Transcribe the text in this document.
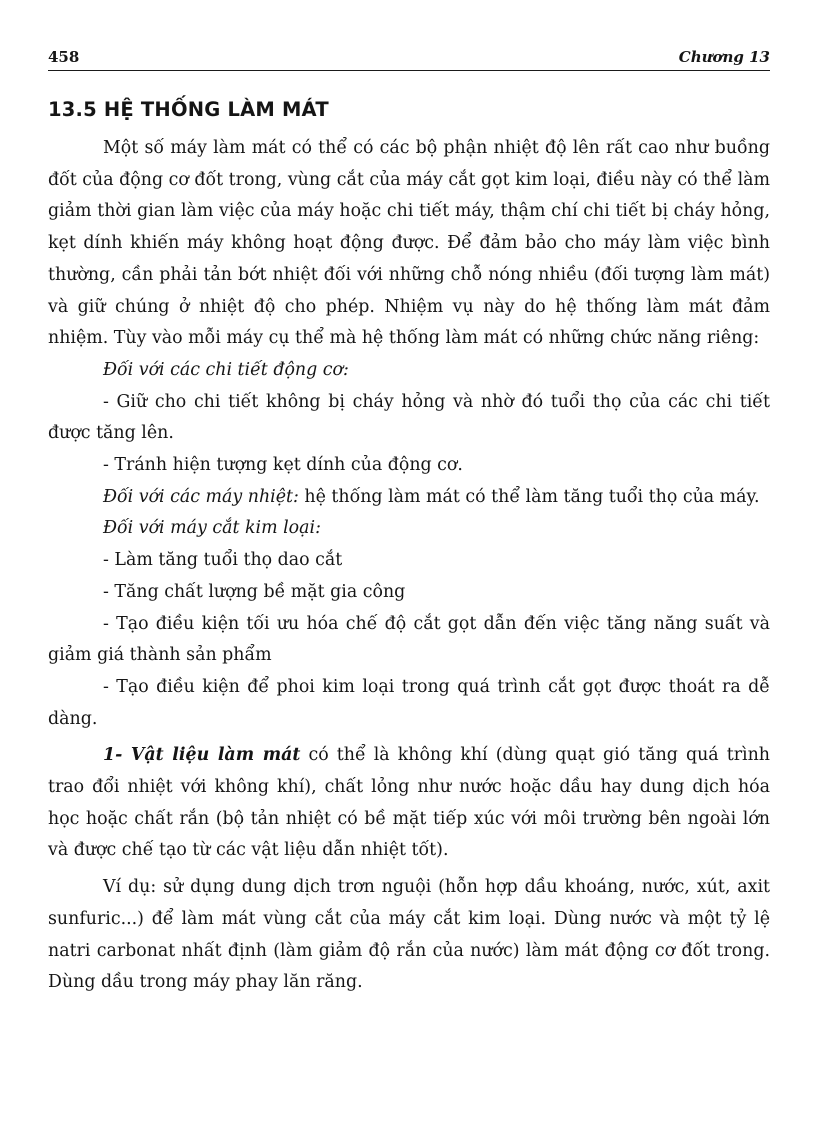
458	Chương 13
13.5 HỆ THỐNG LÀM MÁT

Một số máy làm mát có thể có các bộ phận nhiệt độ lên rất cao như buồng đốt của động cơ đốt trong, vùng cắt của máy cắt gọt kim loại, điều này có thể làm giảm thời gian làm việc của máy hoặc chi tiết máy, thậm chí chi tiết bị cháy hỏng, kẹt dính khiến máy không hoạt động được. Để đảm bảo cho máy làm việc bình thường, cần phải tản bớt nhiệt đối với những chỗ nóng nhiều (đối tượng làm mát) và giữ chúng ở nhiệt độ cho phép. Nhiệm vụ này do hệ thống làm mát đảm nhiệm. Tùy vào mỗi máy cụ thể mà hệ thống làm mát có những chức năng riêng:

Đối với các chi tiết động cơ:

- Giữ cho chi tiết không bị cháy hỏng và nhờ đó tuổi thọ của các chi tiết được tăng lên.

- Tránh hiện tượng kẹt dính của động cơ.

Đối với các máy nhiệt: hệ thống làm mát có thể làm tăng tuổi thọ của máy.

Đối với máy cắt kim loại:

- Làm tăng tuổi thọ dao cắt

- Tăng chất lượng bề mặt gia công

- Tạo điều kiện tối ưu hóa chế độ cắt gọt dẫn đến việc tăng năng suất và giảm giá thành sản phẩm

- Tạo điều kiện để phoi kim loại trong quá trình cắt gọt được thoát ra dễ dàng.

1- Vật liệu làm mát có thể là không khí (dùng quạt gió tăng quá trình trao đổi nhiệt với không khí), chất lỏng như nước hoặc dầu hay dung dịch hóa học hoặc chất rắn (bộ tản nhiệt có bề mặt tiếp xúc với môi trường bên ngoài lớn và được chế tạo từ các vật liệu dẫn nhiệt tốt).

Ví dụ: sử dụng dung dịch trơn nguội (hỗn hợp dầu khoáng, nước, xút, axit sunfuric...) để làm mát vùng cắt của máy cắt kim loại. Dùng nước và một tỷ lệ natri carbonat nhất định (làm giảm độ rắn của nước) làm mát động cơ đốt trong. Dùng dầu trong máy phay lăn răng.
